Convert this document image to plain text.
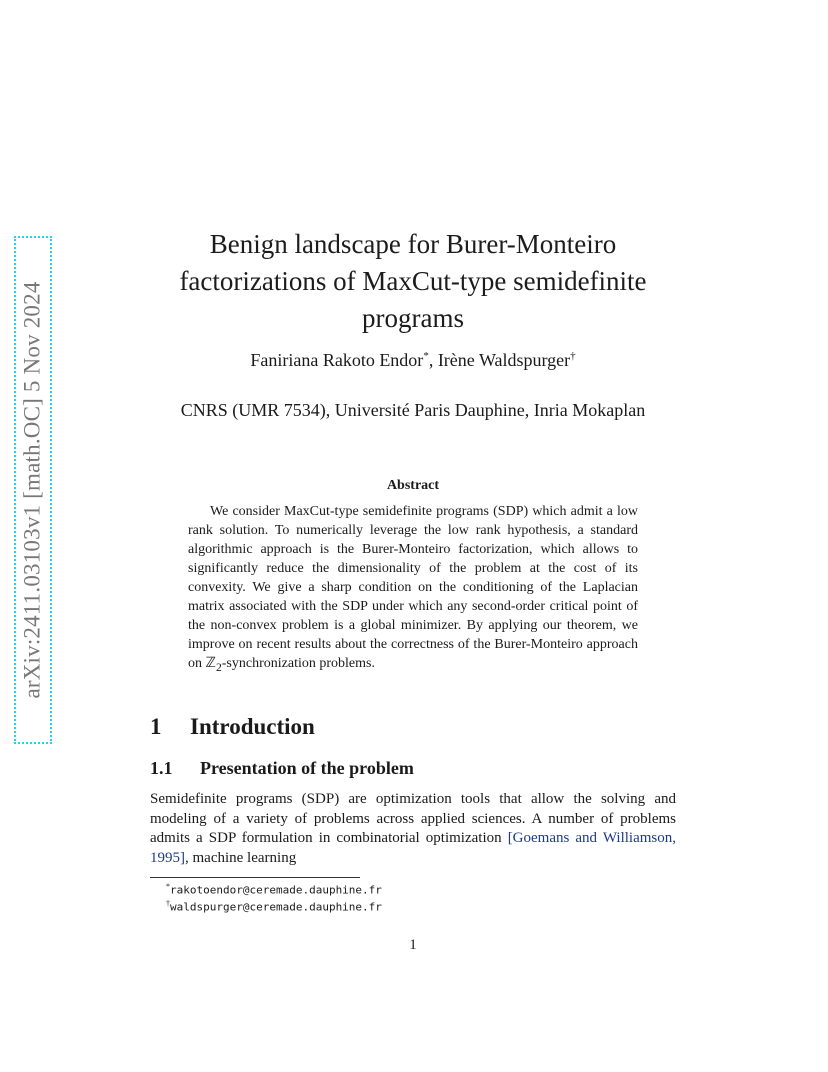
arXiv:2411.03103v1 [math.OC] 5 Nov 2024
Benign landscape for Burer-Monteiro factorizations of MaxCut-type semidefinite programs
Faniriana Rakoto Endor*, Irène Waldspurger†
CNRS (UMR 7534), Université Paris Dauphine, Inria Mokaplan
Abstract

We consider MaxCut-type semidefinite programs (SDP) which admit a low rank solution. To numerically leverage the low rank hypothesis, a standard algorithmic approach is the Burer-Monteiro factorization, which allows to significantly reduce the dimensionality of the problem at the cost of its convexity. We give a sharp condition on the conditioning of the Laplacian matrix associated with the SDP under which any second-order critical point of the non-convex problem is a global minimizer. By applying our theorem, we improve on recent results about the correctness of the Burer-Monteiro approach on ℤ$_2$-synchronization problems.

1 Introduction
1.1 Presentation of the problem

Semidefinite programs (SDP) are optimization tools that allow the solving and modeling of a variety of problems across applied sciences. A number of problems admits a SDP formulation in combinatorial optimization [Goemans and Williamson, 1995], machine learning

*rakotoendor@ceremade.dauphine.fr
†waldspurger@ceremade.dauphine.fr
1
